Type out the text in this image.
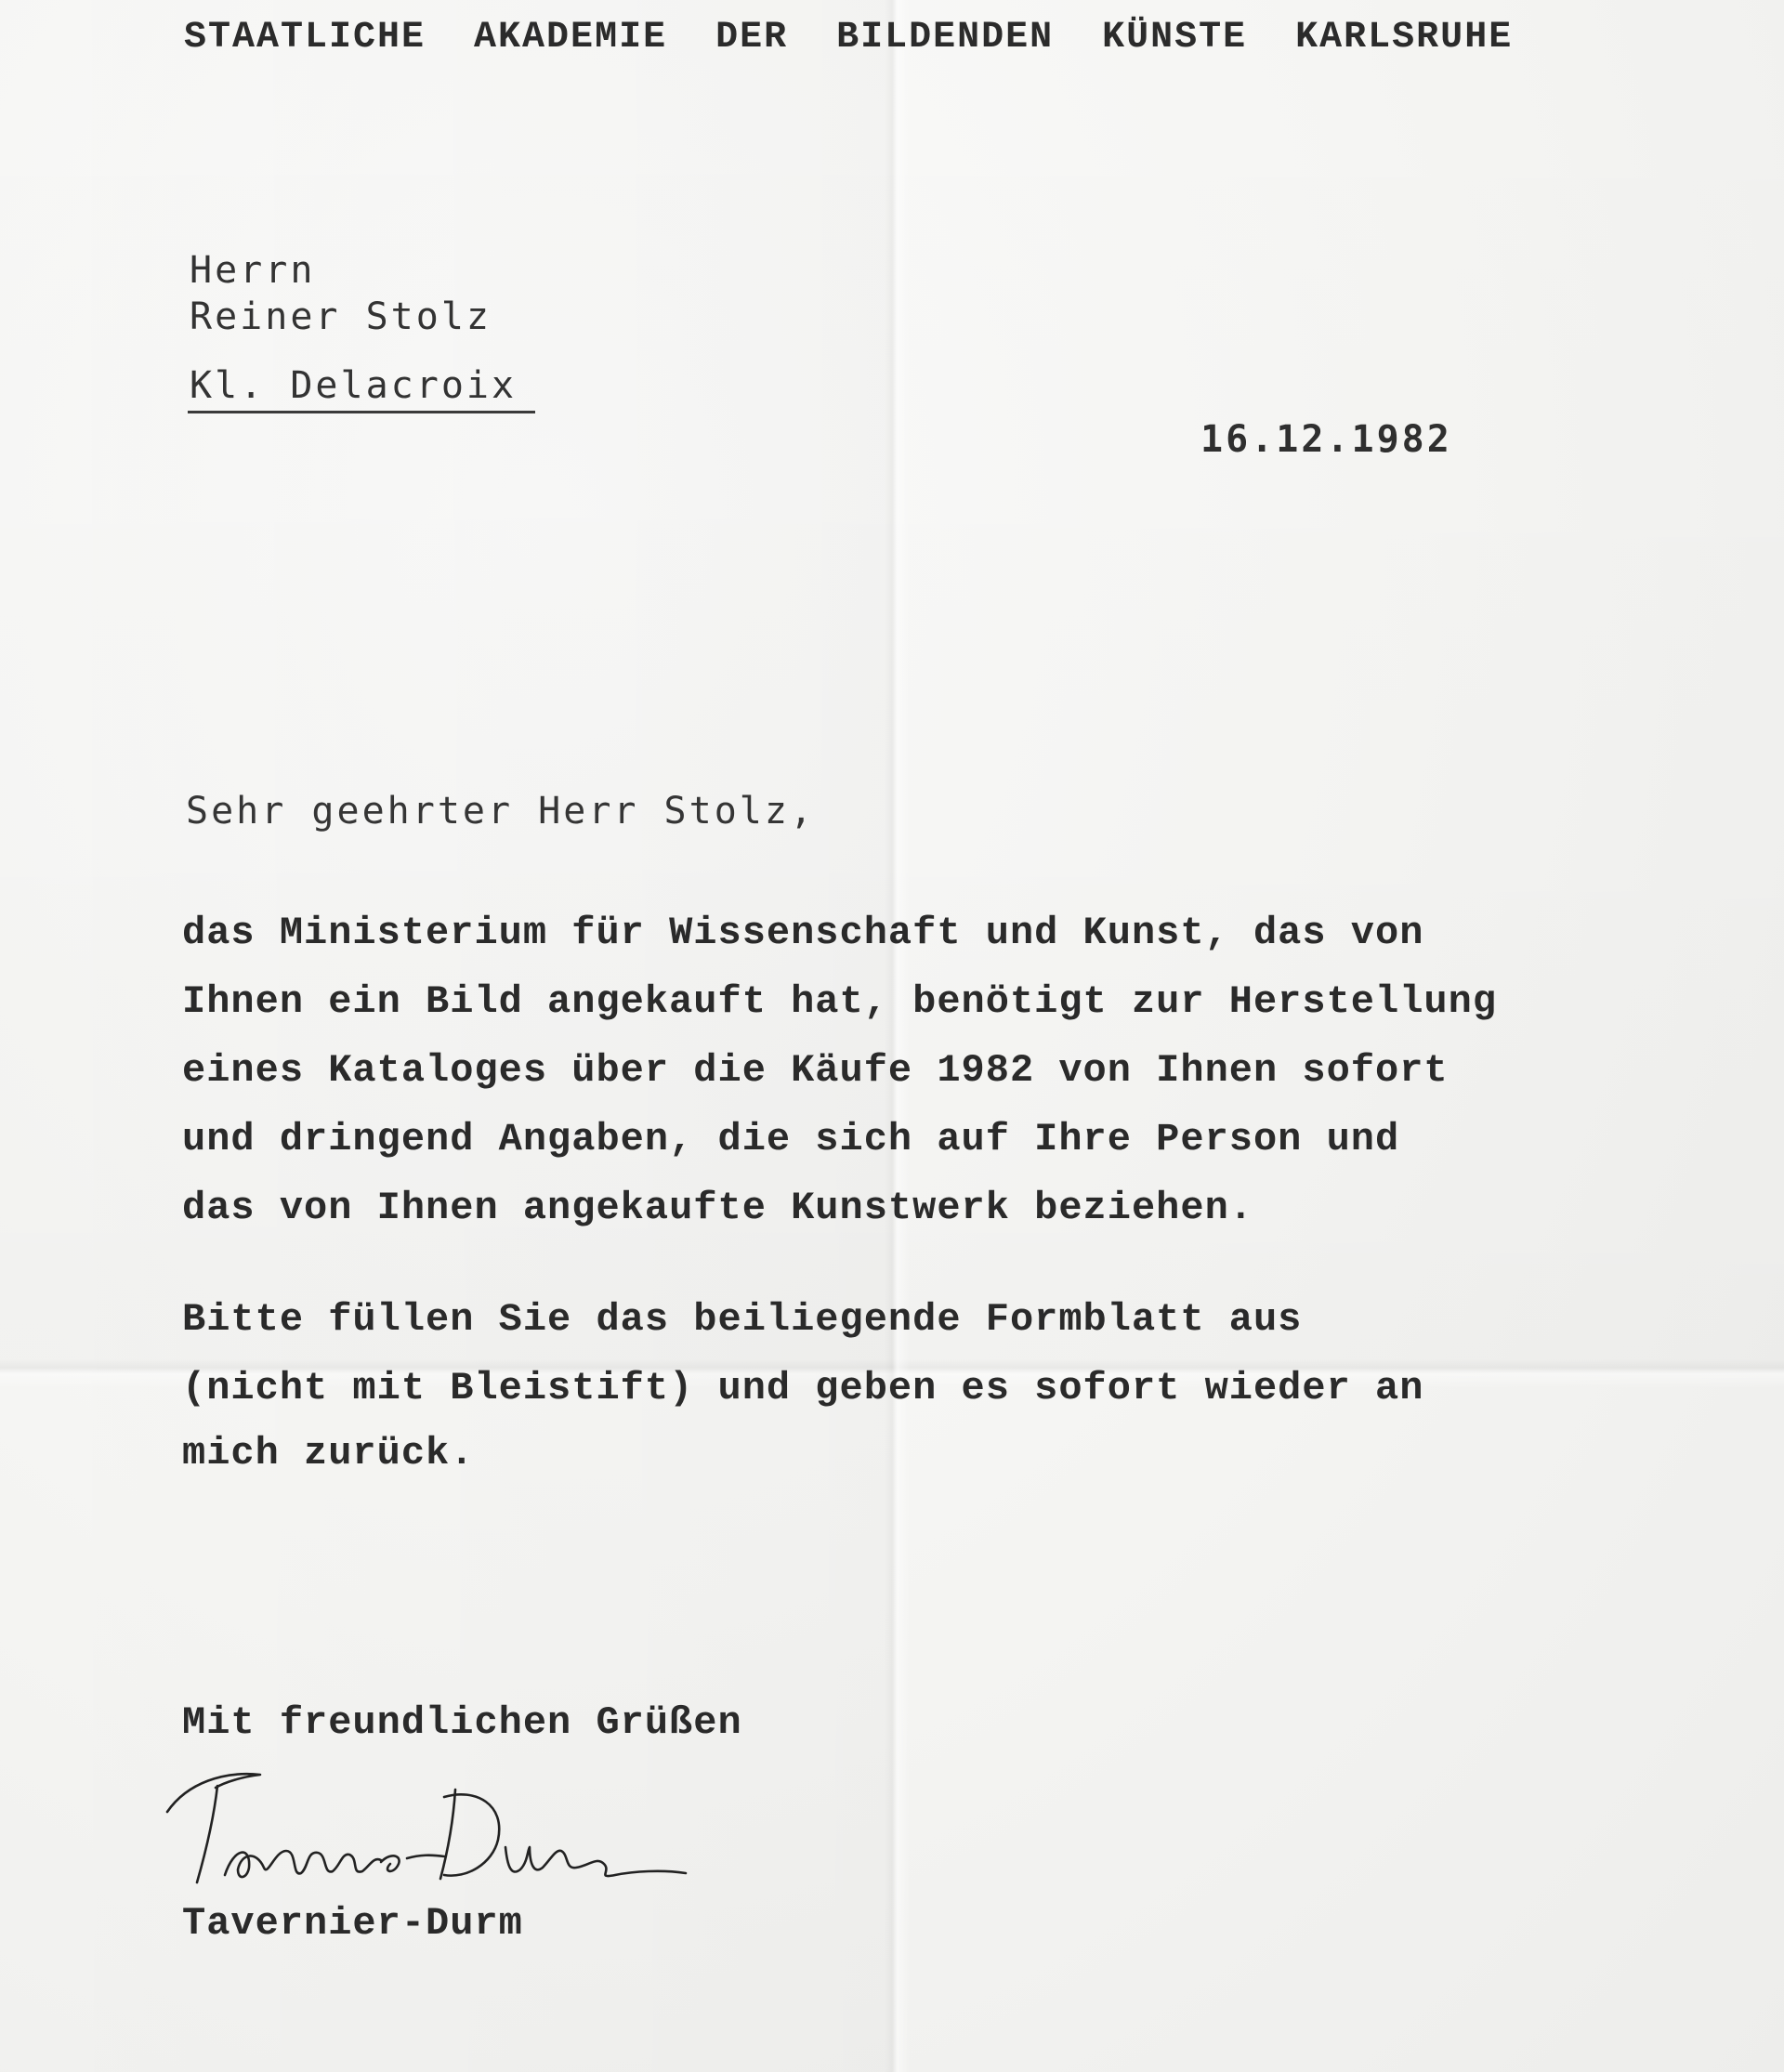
STAATLICHE AKADEMIE DER BILDENDEN KÜNSTE KARLSRUHE
Herrn
Reiner Stolz
Kl. Delacroix
16.12.1982
Sehr geehrter Herr Stolz,
das Ministerium für Wissenschaft und Kunst, das von
Ihnen ein Bild angekauft hat, benötigt zur Herstellung
eines Kataloges über die Käufe 1982 von Ihnen sofort
und dringend Angaben, die sich auf Ihre Person und
das von Ihnen angekaufte Kunstwerk beziehen.
Bitte füllen Sie das beiliegende Formblatt aus
(nicht mit Bleistift) und geben es sofort wieder an
mich zurück.
Mit freundlichen Grüßen
Tavernier-Durm
